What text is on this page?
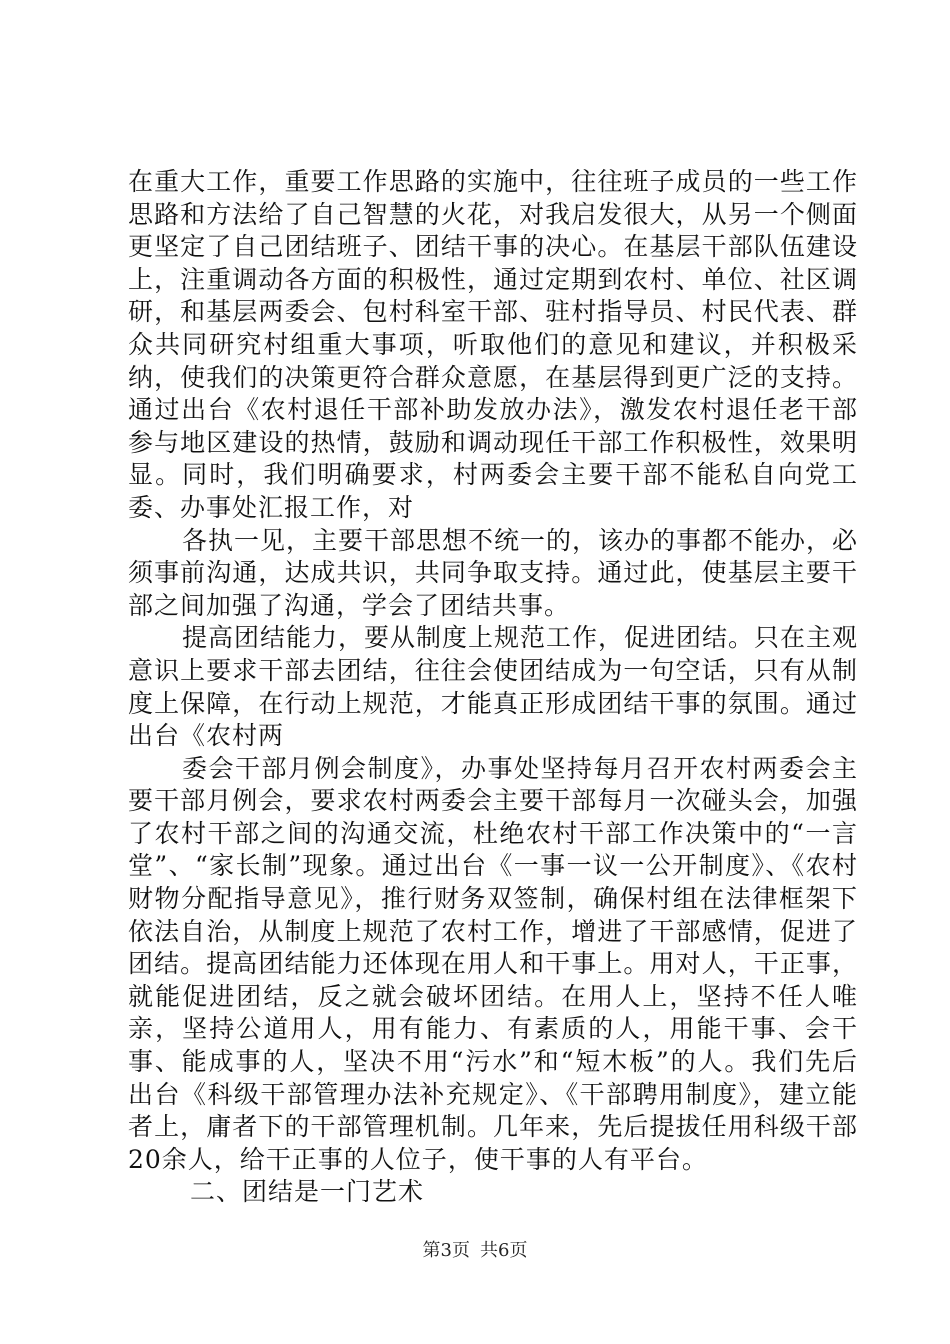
在重大工作，重要工作思路的实施中，往往班子成员的一些工作思路和方法给了自己智慧的火花，对我启发很大，从另一个侧面更坚定了自己团结班子、团结干事的决心。在基层干部队伍建设上，注重调动各方面的积极性，通过定期到农村、单位、社区调研，和基层两委会、包村科室干部、驻村指导员、村民代表、群众共同研究村组重大事项，听取他们的意见和建议，并积极采纳，使我们的决策更符合群众意愿，在基层得到更广泛的支持。通过出台《农村退任干部补助发放办法》，激发农村退任老干部参与地区建设的热情，鼓励和调动现任干部工作积极性，效果明显。同时，我们明确要求，村两委会主要干部不能私自向党工委、办事处汇报工作，对

各执一见，主要干部思想不统一的，该办的事都不能办，必须事前沟通，达成共识，共同争取支持。通过此，使基层主要干部之间加强了沟通，学会了团结共事。

提高团结能力，要从制度上规范工作，促进团结。只在主观意识上要求干部去团结，往往会使团结成为一句空话，只有从制度上保障，在行动上规范，才能真正形成团结干事的氛围。通过出台《农村两

委会干部月例会制度》，办事处坚持每月召开农村两委会主要干部月例会，要求农村两委会主要干部每月一次碰头会，加强了农村干部之间的沟通交流，杜绝农村干部工作决策中的“一言堂”、“家长制”现象。通过出台《一事一议一公开制度》、《农村财物分配指导意见》，推行财务双签制，确保村组在法律框架下依法自治，从制度上规范了农村工作，增进了干部感情，促进了团结。提高团结能力还体现在用人和干事上。用对人，干正事，就能促进团结，反之就会破坏团结。在用人上，坚持不任人唯亲，坚持公道用人，用有能力、有素质的人，用能干事、会干事、能成事的人，坚决不用“污水”和“短木板”的人。我们先后出台《科级干部管理办法补充规定》、《干部聘用制度》，建立能者上，庸者下的干部管理机制。几年来，先后提拔任用科级干部20余人，给干正事的人位子，使干事的人有平台。

二、团结是一门艺术

第3页 共6页
